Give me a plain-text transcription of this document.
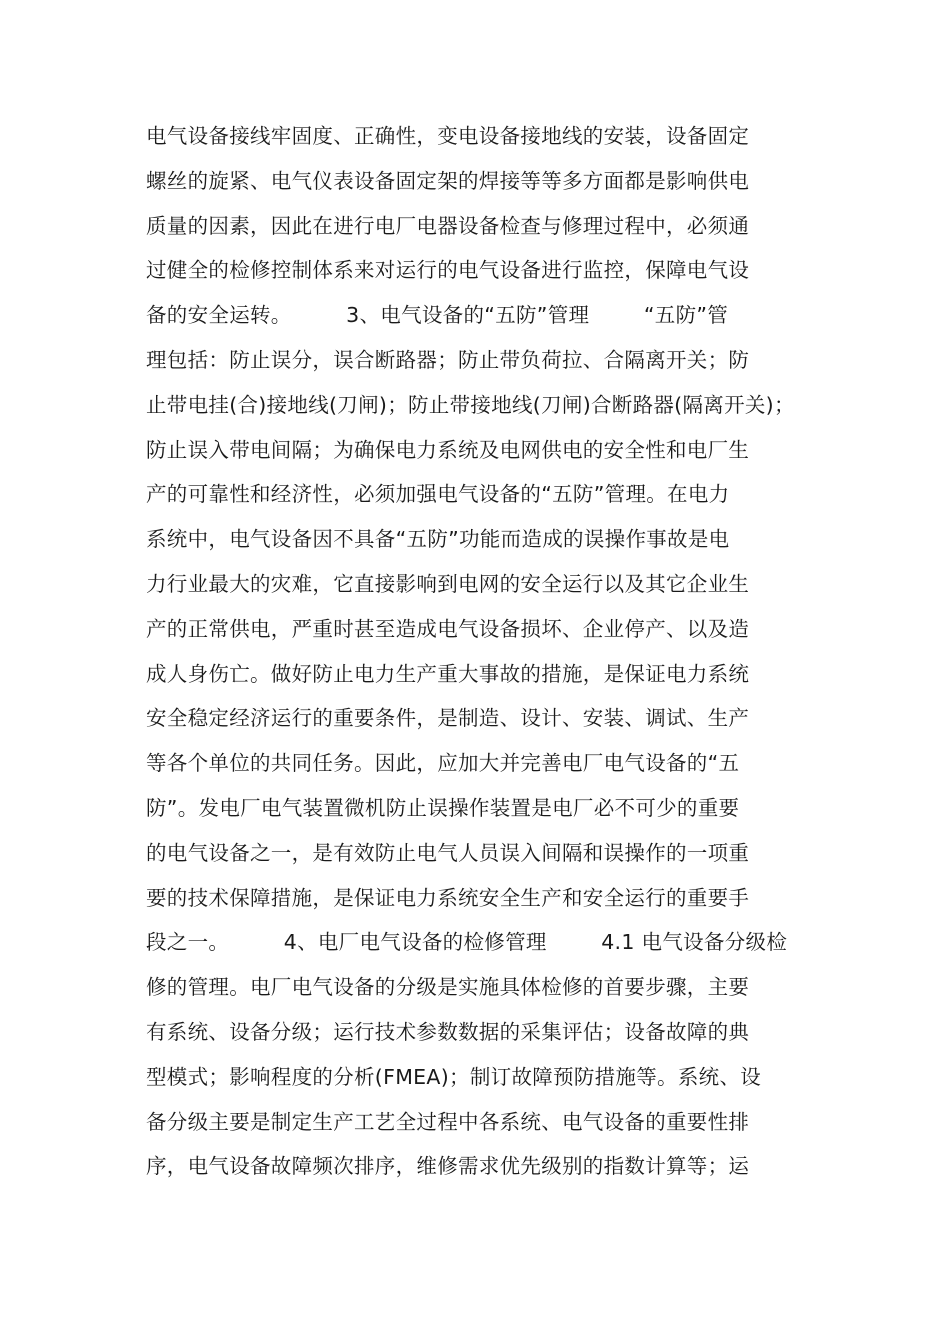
电气设备接线牢固度、正确性，变电设备接地线的安装，设备固定
螺丝的旋紧、电气仪表设备固定架的焊接等等多方面都是影响供电
质量的因素，因此在进行电厂电器设备检查与修理过程中，必须通
过健全的检修控制体系来对运行的电气设备进行监控，保障电气设
备的安全运转。        3、电气设备的“五防”管理        “五防”管
理包括：防止误分，误合断路器；防止带负荷拉、合隔离开关；防
止带电挂(合)接地线(刀闸)；防止带接地线(刀闸)合断路器(隔离开关)；
防止误入带电间隔；为确保电力系统及电网供电的安全性和电厂生
产的可靠性和经济性，必须加强电气设备的“五防”管理。在电力
系统中，电气设备因不具备“五防”功能而造成的误操作事故是电
力行业最大的灾难，它直接影响到电网的安全运行以及其它企业生
产的正常供电，严重时甚至造成电气设备损坏、企业停产、以及造
成人身伤亡。做好防止电力生产重大事故的措施，是保证电力系统
安全稳定经济运行的重要条件，是制造、设计、安装、调试、生产
等各个单位的共同任务。因此，应加大并完善电厂电气设备的“五
防”。发电厂电气装置微机防止误操作装置是电厂必不可少的重要
的电气设备之一，是有效防止电气人员误入间隔和误操作的一项重
要的技术保障措施，是保证电力系统安全生产和安全运行的重要手
段之一。        4、电厂电气设备的检修管理        4.1 电气设备分级检
修的管理。电厂电气设备的分级是实施具体检修的首要步骤，主要
有系统、设备分级；运行技术参数数据的采集评估；设备故障的典
型模式；影响程度的分析(FMEA)；制订故障预防措施等。系统、设
备分级主要是制定生产工艺全过程中各系统、电气设备的重要性排
序，电气设备故障频次排序，维修需求优先级别的指数计算等；运
